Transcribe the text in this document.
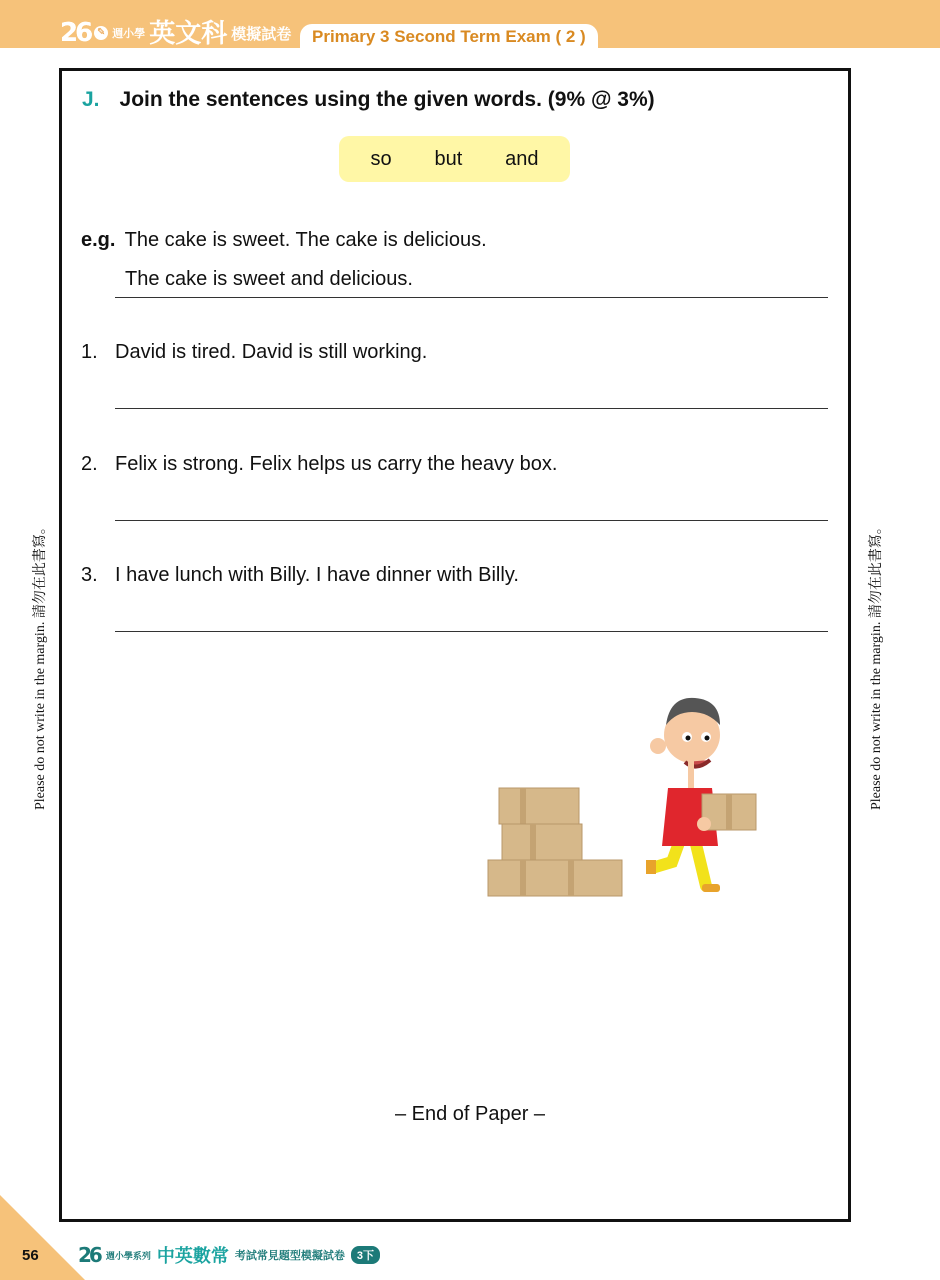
26 ✎ 週小學 英文科 模擬試卷	Primary 3 Second Term Exam ( 2 )
J. Join the sentences using the given words. (9% @ 3%)
so but and
e.g. The cake is sweet. The cake is delicious.
The cake is sweet and delicious.
1. David is tired. David is still working.
2. Felix is strong. Felix helps us carry the heavy box.
3. I have lunch with Billy. I have dinner with Billy.
Please do not write in the margin. 請勿在此書寫。	Please do not write in the margin. 請勿在此書寫。
– End of Paper –
56 26 週小學系列 中英數常 考試常見題型模擬試卷	3下
